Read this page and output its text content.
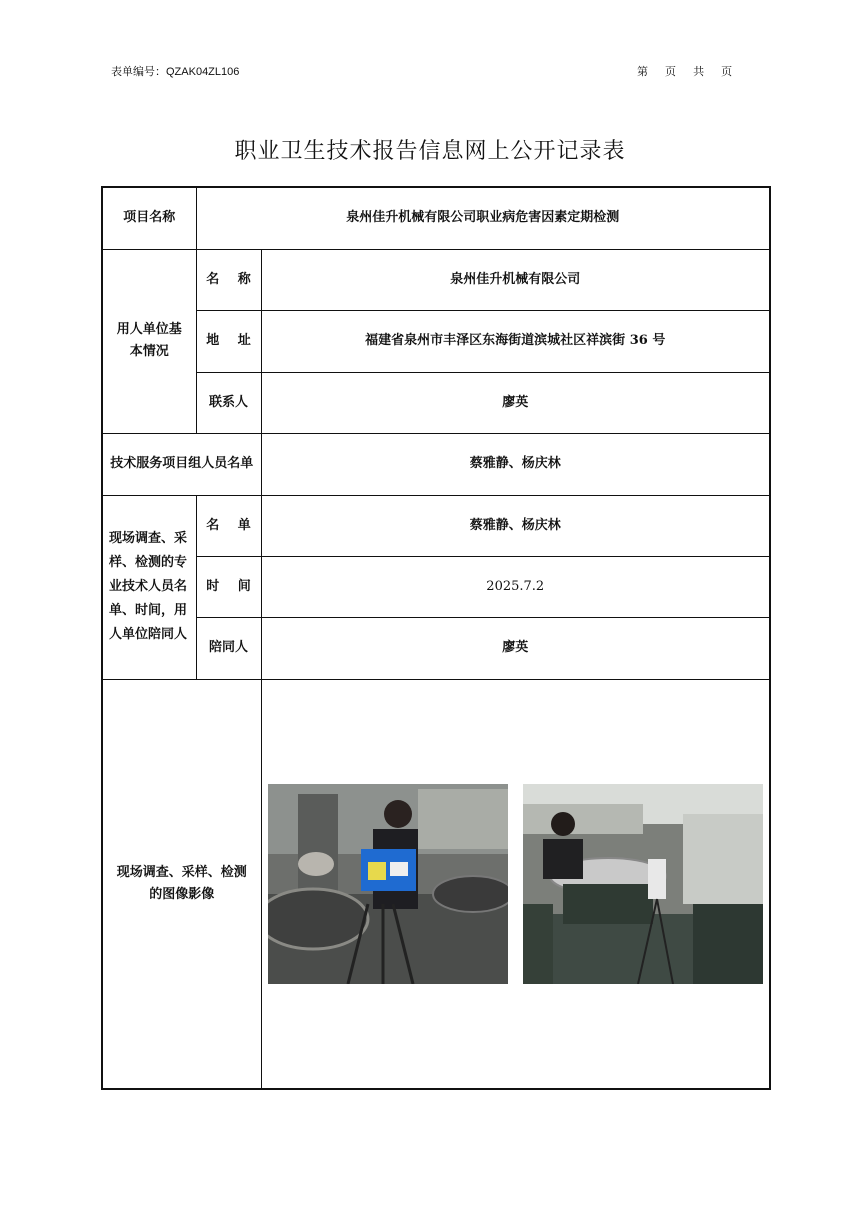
表单编号：QZAK04ZL106	第 页 共 页
职业卫生技术报告信息网上公开记录表
项目名称	泉州佳升机械有限公司职业病危害因素定期检测	
用人单位基本情况	名 称	泉州佳升机械有限公司
	地 址	福建省泉州市丰泽区东海街道滨城社区祥滨街 36 号
	联系人	廖英
技术服务项目组人员名单		蔡雅静、杨庆林
现场调查、采样、检测的专业技术人员名单、时间，用人单位陪同人	名 单	蔡雅静、杨庆林
	时 间	2025.7.2
	陪同人	廖英
现场调查、采样、检测的图像影像	
